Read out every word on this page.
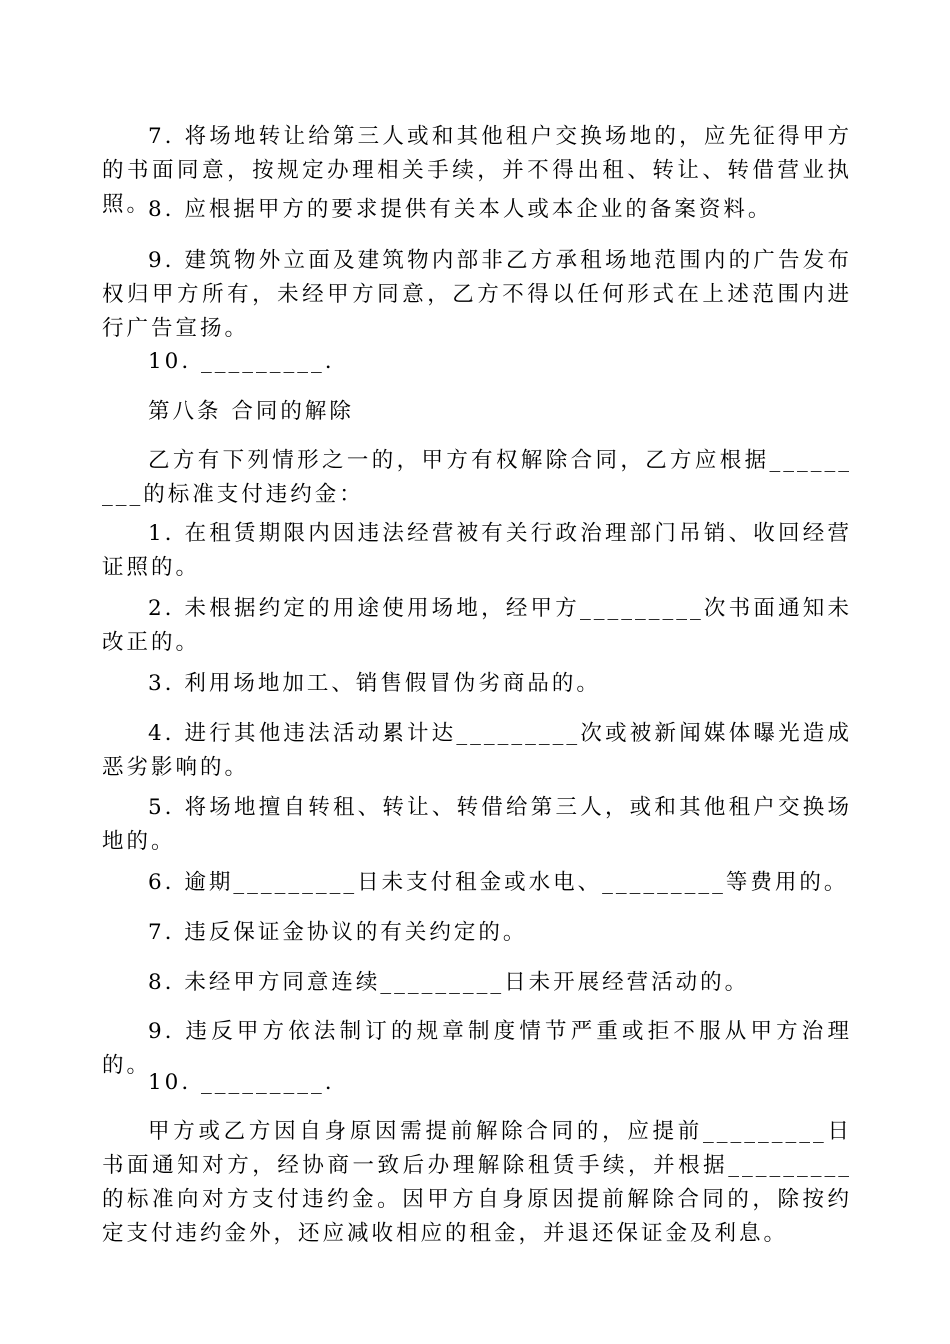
7. 将场地转让给第三人或和其他租户交换场地的，应先征得甲方的书面同意，按规定办理相关手续，并不得出租、转让、转借营业执照。

8. 应根据甲方的要求提供有关本人或本企业的备案资料。

9. 建筑物外立面及建筑物内部非乙方承租场地范围内的广告发布权归甲方所有，未经甲方同意，乙方不得以任何形式在上述范围内进行广告宣扬。

10. _________.

第八条 合同的解除

乙方有下列情形之一的，甲方有权解除合同，乙方应根据_________的标准支付违约金：

1. 在租赁期限内因违法经营被有关行政治理部门吊销、收回经营证照的。

2. 未根据约定的用途使用场地，经甲方_________次书面通知未改正的。

3. 利用场地加工、销售假冒伪劣商品的。

4. 进行其他违法活动累计达_________次或被新闻媒体曝光造成恶劣影响的。

5. 将场地擅自转租、转让、转借给第三人，或和其他租户交换场地的。

6. 逾期_________日未支付租金或水电、_________等费用的。

7. 违反保证金协议的有关约定的。

8. 未经甲方同意连续_________日未开展经营活动的。

9. 违反甲方依法制订的规章制度情节严重或拒不服从甲方治理的。

10. _________.

甲方或乙方因自身原因需提前解除合同的，应提前_________日书面通知对方，经协商一致后办理解除租赁手续，并根据_________的标准向对方支付违约金。因甲方自身原因提前解除合同的，除按约定支付违约金外，还应减收相应的租金，并退还保证金及利息。
